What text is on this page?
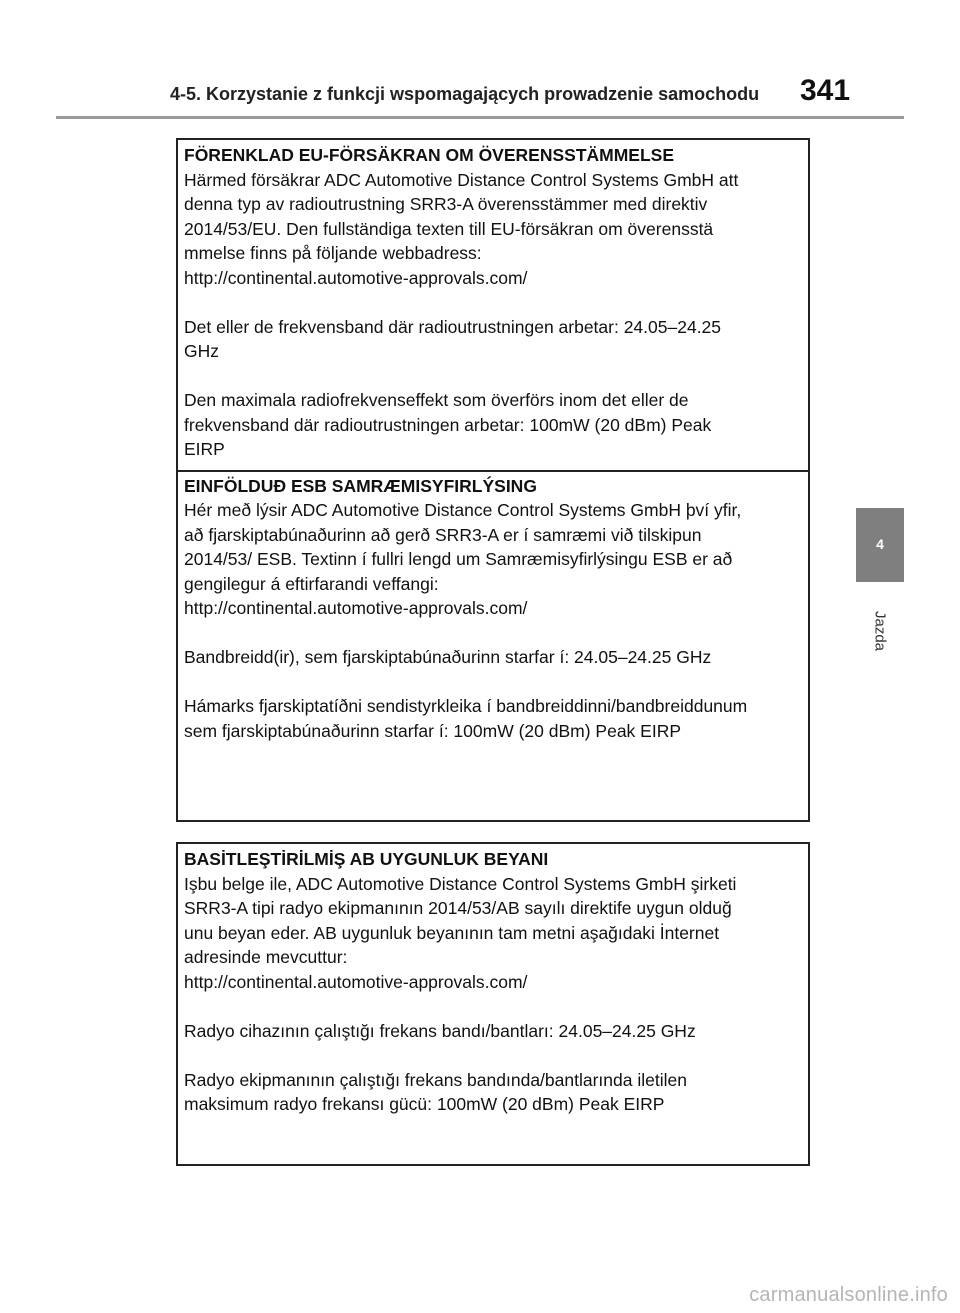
4-5. Korzystanie z funkcji wspomagających prowadzenie samochodu 341
4
Jazda
FÖRENKLAD EU-FÖRSÄKRAN OM ÖVERENSSTÄMMELSE
Härmed försäkrar ADC Automotive Distance Control Systems GmbH att
denna typ av radioutrustning SRR3-A överensstämmer med direktiv
2014/53/EU. Den fullständiga texten till EU-försäkran om överensstä
mmelse finns på följande webbadress:
http://continental.automotive-approvals.com/
Det eller de frekvensband där radioutrustningen arbetar: 24.05–24.25
GHz
Den maximala radiofrekvenseffekt som överförs inom det eller de
frekvensband där radioutrustningen arbetar: 100mW (20 dBm) Peak
EIRP
EINFÖLDUÐ ESB SAMRÆMISYFIRLÝSING
Hér með lýsir ADC Automotive Distance Control Systems GmbH því yfir,
að fjarskiptabúnaðurinn að gerð SRR3-A er í samræmi við tilskipun
2014/53/ ESB. Textinn í fullri lengd um Samræmisyfirlýsingu ESB er að
gengilegur á eftirfarandi veffangi:
http://continental.automotive-approvals.com/
Bandbreidd(ir), sem fjarskiptabúnaðurinn starfar í: 24.05–24.25 GHz
Hámarks fjarskiptatíðni sendistyrkleika í bandbreiddinni/bandbreiddunum
sem fjarskiptabúnaðurinn starfar í: 100mW (20 dBm) Peak EIRP
BASİTLEŞTİRİLMİŞ AB UYGUNLUK BEYANI
Işbu belge ile, ADC Automotive Distance Control Systems GmbH şirketi
SRR3-A tipi radyo ekipmanının 2014/53/AB sayılı direktife uygun olduğ
unu beyan eder. AB uygunluk beyanının tam metni aşağıdaki İnternet
adresinde mevcuttur:
http://continental.automotive-approvals.com/
Radyo cihazının çalıştığı frekans bandı/bantları: 24.05–24.25 GHz
Radyo ekipmanının çalıştığı frekans bandında/bantlarında iletilen
maksimum radyo frekansı gücü: 100mW (20 dBm) Peak EIRP
carmanualsonline.info
